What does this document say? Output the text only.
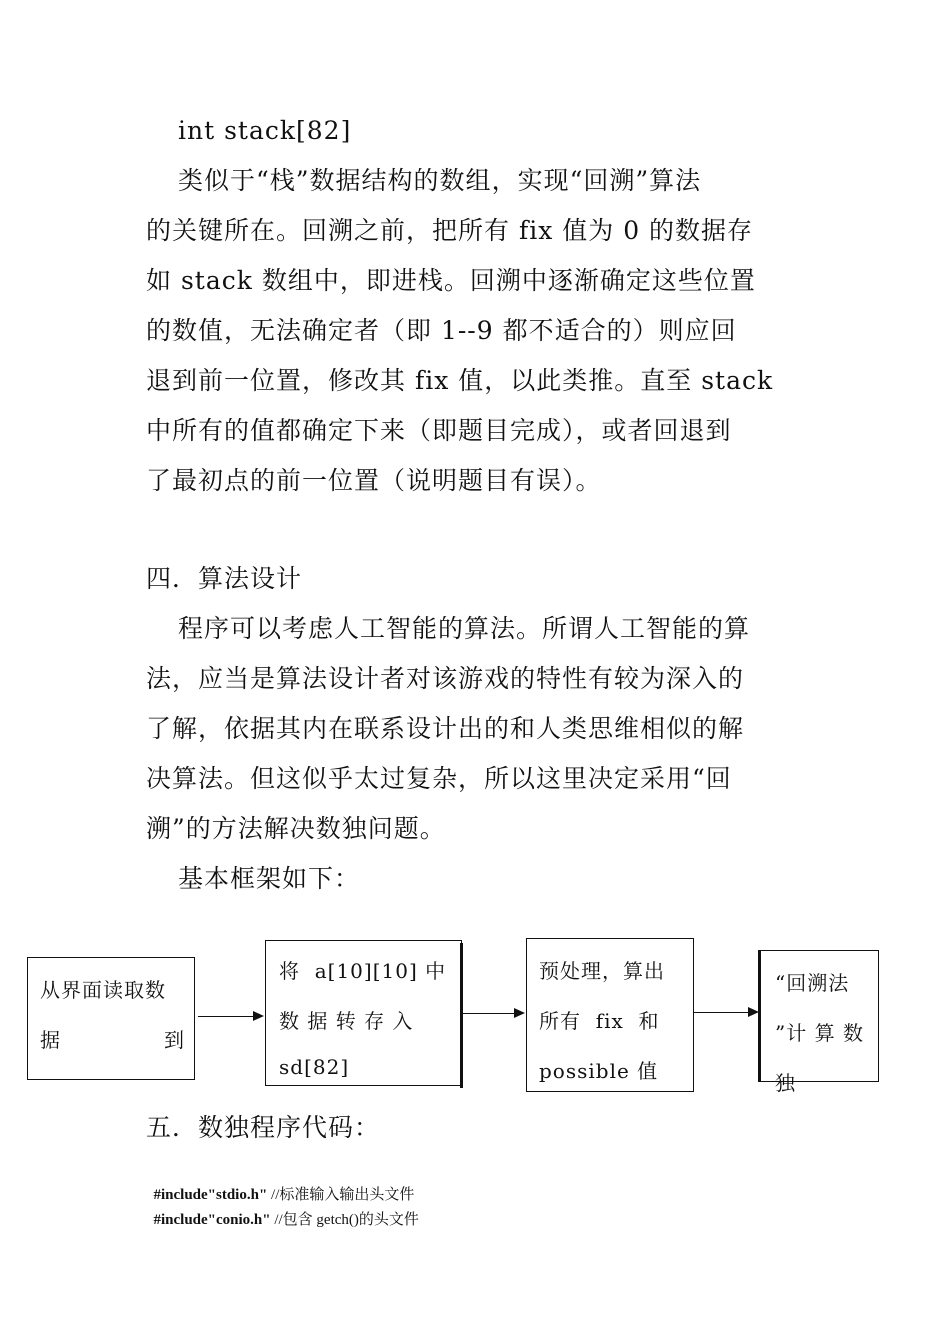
int stack[82]
类似于“栈”数据结构的数组，实现“回溯”算法
的关键所在。回溯之前，把所有 fix 值为 0 的数据存
如 stack 数组中，即进栈。回溯中逐渐确定这些位置
的数值，无法确定者（即 1--9 都不适合的）则应回
退到前一位置，修改其 fix 值，以此类推。直至 stack
中所有的值都确定下来（即题目完成），或者回退到
了最初点的前一位置（说明题目有误）。
四．算法设计
程序可以考虑人工智能的算法。所谓人工智能的算
法，应当是算法设计者对该游戏的特性有较为深入的
了解，依据其内在联系设计出的和人类思维相似的解
决算法。但这似乎太过复杂，所以这里决定采用“回
溯”的方法解决数独问题。
基本框架如下：
从界面读取数
据              到
将  a[10][10] 中
数 据 转 存 入
sd[82]
预处理，算出
所有  fix  和
possible 值
“回溯法
”计 算 数
独
五．数独程序代码：

#include"stdio.h" //标准输入输出头文件

#include"conio.h" //包含 getch()的头文件
